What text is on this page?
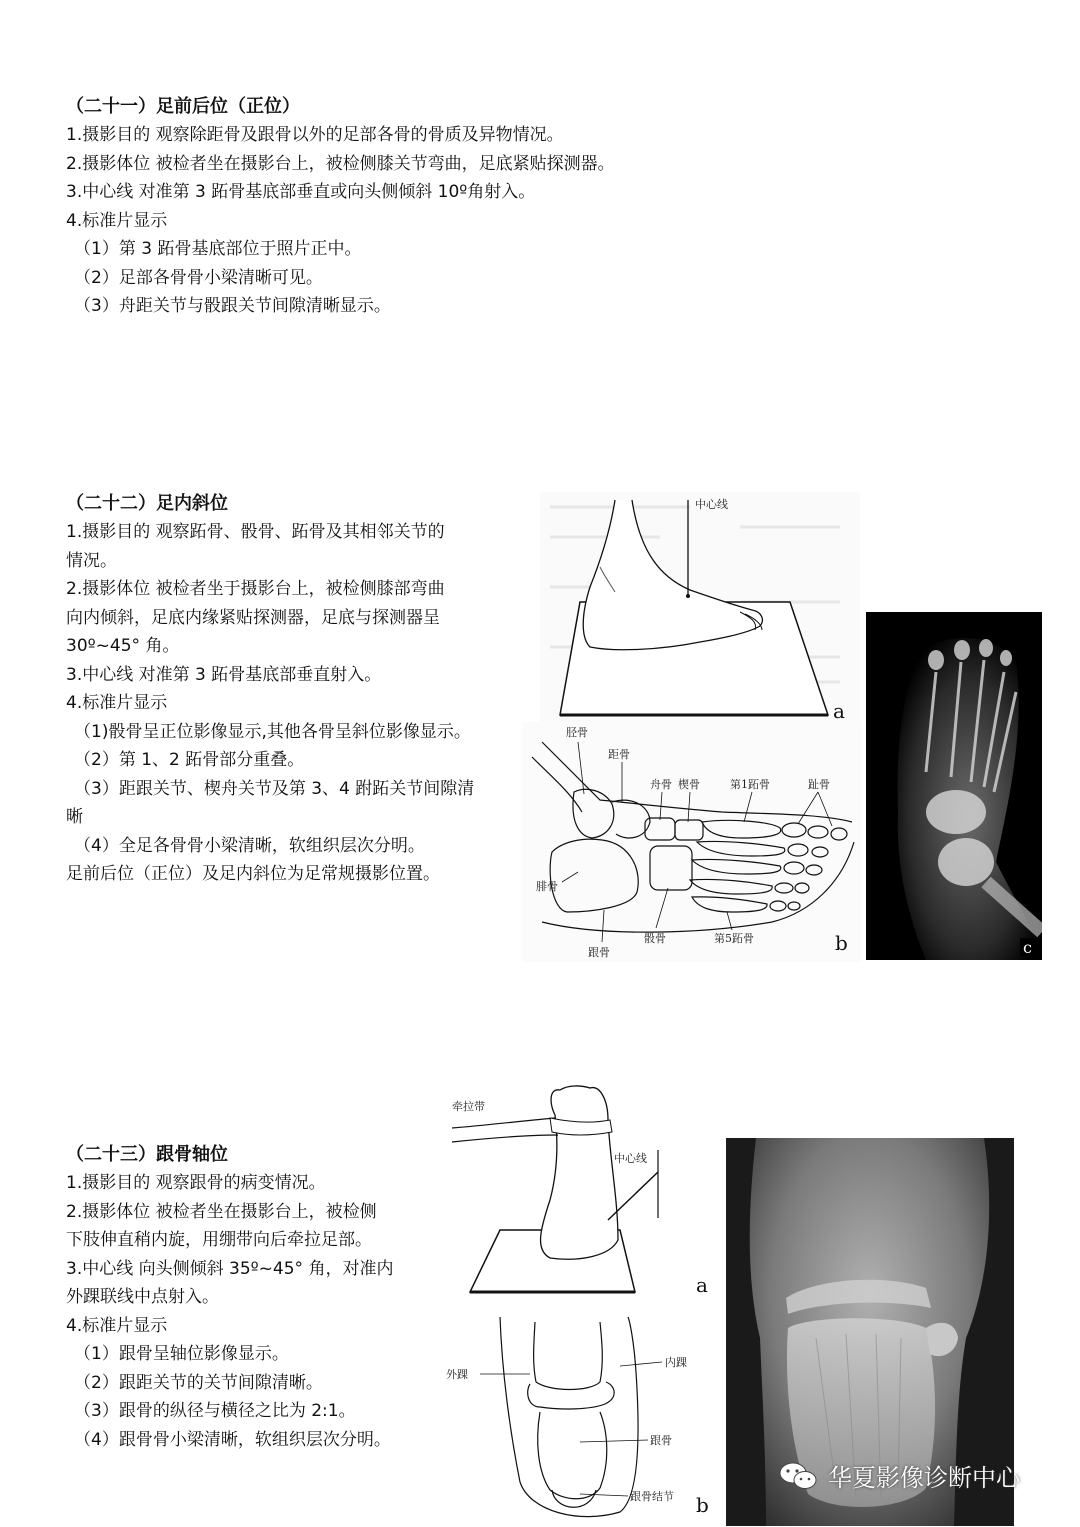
（二十一）足前后位（正位）
1.摄影目的 观察除距骨及跟骨以外的足部各骨的骨质及异物情况。
2.摄影体位 被检者坐在摄影台上，被检侧膝关节弯曲，足底紧贴探测器。
3.中心线 对准第 3 跖骨基底部垂直或向头侧倾斜 10º角射入。
4.标准片显示
（1）第 3 跖骨基底部位于照片正中。
（2）足部各骨骨小梁清晰可见。
（3）舟距关节与骰跟关节间隙清晰显示。
（二十二）足内斜位
1.摄影目的 观察跖骨、骰骨、跖骨及其相邻关节的
情况。
2.摄影体位 被检者坐于摄影台上，被检侧膝部弯曲
向内倾斜，足底内缘紧贴探测器，足底与探测器呈
30º~45° 角。
3.中心线 对准第 3 跖骨基底部垂直射入。
4.标准片显示
（1)骰骨呈正位影像显示,其他各骨呈斜位影像显示。
（2）第 1、2 跖骨部分重叠。
（3）距跟关节、楔舟关节及第 3、4 跗跖关节间隙清
晰
（4）全足各骨骨小梁清晰，软组织层次分明。
足前后位（正位）及足内斜位为足常规摄影位置。
中心线
a
胫骨
距骨
舟骨 楔骨	第1跖骨	趾骨
腓骨
骰骨	第5跖骨
跟骨	b	c
（二十三）跟骨轴位
1.摄影目的 观察跟骨的病变情况。
2.摄影体位 被检者坐在摄影台上，被检侧
下肢伸直稍内旋，用绷带向后牵拉足部。
3.中心线 向头侧倾斜 35º~45° 角，对准内
外踝联线中点射入。
4.标准片显示
（1）跟骨呈轴位影像显示。
（2）跟距关节的关节间隙清晰。
（3）跟骨的纵径与横径之比为 2:1。
（4）跟骨骨小梁清晰，软组织层次分明。
牵拉带
中心线
a
外踝
内踝
跟骨
跟骨结节 b
华夏影像诊断中心
